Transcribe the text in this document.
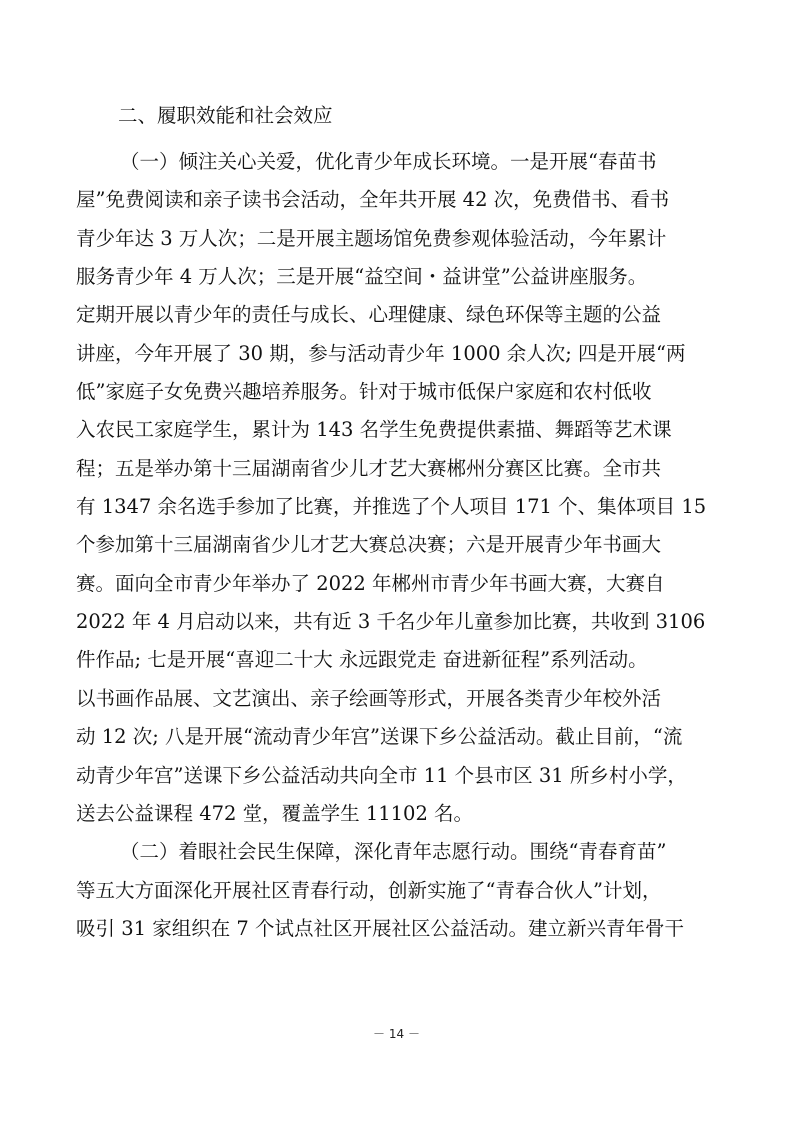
二、履职效能和社会效应
（一）倾注关心关爱，优化青少年成长环境。一是开展“春苗书
屋”免费阅读和亲子读书会活动，全年共开展 42 次，免费借书、看书
青少年达 3 万人次；二是开展主题场馆免费参观体验活动，今年累计
服务青少年 4 万人次；三是开展“益空间・益讲堂”公益讲座服务。
定期开展以青少年的责任与成长、心理健康、绿色环保等主题的公益
讲座，今年开展了 30 期，参与活动青少年 1000 余人次; 四是开展“两
低”家庭子女免费兴趣培养服务。针对于城市低保户家庭和农村低收
入农民工家庭学生，累计为 143 名学生免费提供素描、舞蹈等艺术课
程；五是举办第十三届湖南省少儿才艺大赛郴州分赛区比赛。全市共
有 1347 余名选手参加了比赛，并推选了个人项目 171 个、集体项目 15
个参加第十三届湖南省少儿才艺大赛总决赛；六是开展青少年书画大
赛。面向全市青少年举办了 2022 年郴州市青少年书画大赛，大赛自
2022 年 4 月启动以来，共有近 3 千名少年儿童参加比赛，共收到 3106
件作品; 七是开展“喜迎二十大 永远跟党走 奋进新征程”系列活动。
以书画作品展、文艺演出、亲子绘画等形式，开展各类青少年校外活
动 12 次; 八是开展“流动青少年宫”送课下乡公益活动。截止目前，“流
动青少年宫”送课下乡公益活动共向全市 11 个县市区 31 所乡村小学，
送去公益课程 472 堂，覆盖学生 11102 名。
（二）着眼社会民生保障，深化青年志愿行动。围绕“青春育苗”
等五大方面深化开展社区青春行动，创新实施了“青春合伙人”计划，
吸引 31 家组织在 7 个试点社区开展社区公益活动。建立新兴青年骨干
－ 14 －
